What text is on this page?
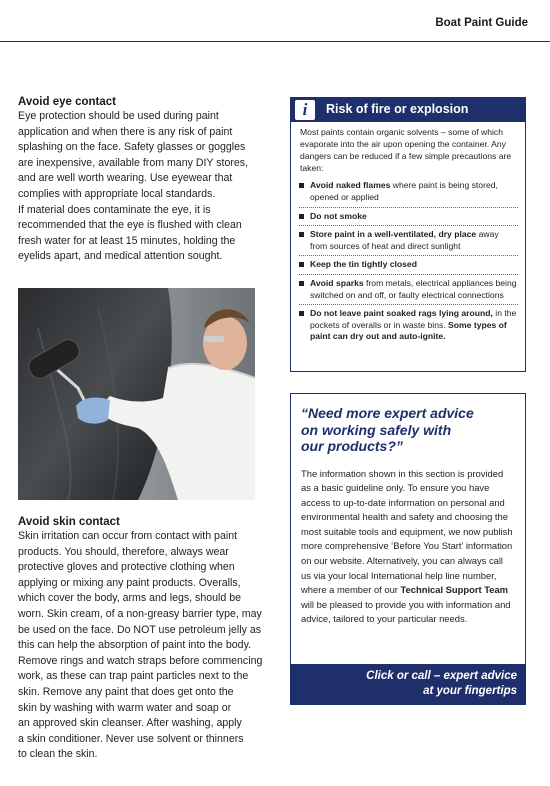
Boat Paint Guide
Avoid eye contact

Eye protection should be used during paint
application and when there is any risk of paint
splashing on the face. Safety glasses or goggles
are inexpensive, available from many DIY stores,
and are well worth wearing. Use eyewear that
complies with appropriate local standards.
If material does contaminate the eye, it is
recommended that the eye is flushed with clean
fresh water for at least 15 minutes, holding the
eyelids apart, and medical attention sought.

Avoid skin contact

Skin irritation can occur from contact with paint
products. You should, therefore, always wear
protective gloves and protective clothing when
applying or mixing any paint products. Overalls,
which cover the body, arms and legs, should be
worn. Skin cream, of a non-greasy barrier type, may
be used on the face. Do NOT use petroleum jelly as
this can help the absorption of paint into the body.
Remove rings and watch straps before commencing
work, as these can trap paint particles next to the
skin. Remove any paint that does get onto the
skin by washing with warm water and soap or
an approved skin cleanser. After washing, apply
a skin conditioner. Never use solvent or thinners
to clean the skin.

i	Risk of fire or explosion

Most paints contain organic solvents – some of which evaporate into the air upon opening the container. Any dangers can be reduced if a few simple precautions are taken:

Avoid naked flames where paint is being stored, opened or applied
Do not smoke
Store paint in a well-ventilated, dry place away from sources of heat and direct sunlight
Keep the tin tightly closed
Avoid sparks from metals, electrical appliances being switched on and off, or faulty electrical connections
Do not leave paint soaked rags lying around, in the pockets of overalls or in waste bins. Some types of paint can dry out and auto-ignite.
“Need more expert advice
on working safely with
our products?”

The information shown in this section is provided as a basic guideline only. To ensure you have access to up-to-date information on personal and environmental health and safety and choosing the most suitable tools and equipment, we now publish more comprehensive ‘Before You Start’ information on our website. Alternatively, you can always call us via your local International help line number, where a member of our Technical Support Team will be pleased to provide you with information and advice, tailored to your particular needs.

Click or call – expert advice
at your fingertips
